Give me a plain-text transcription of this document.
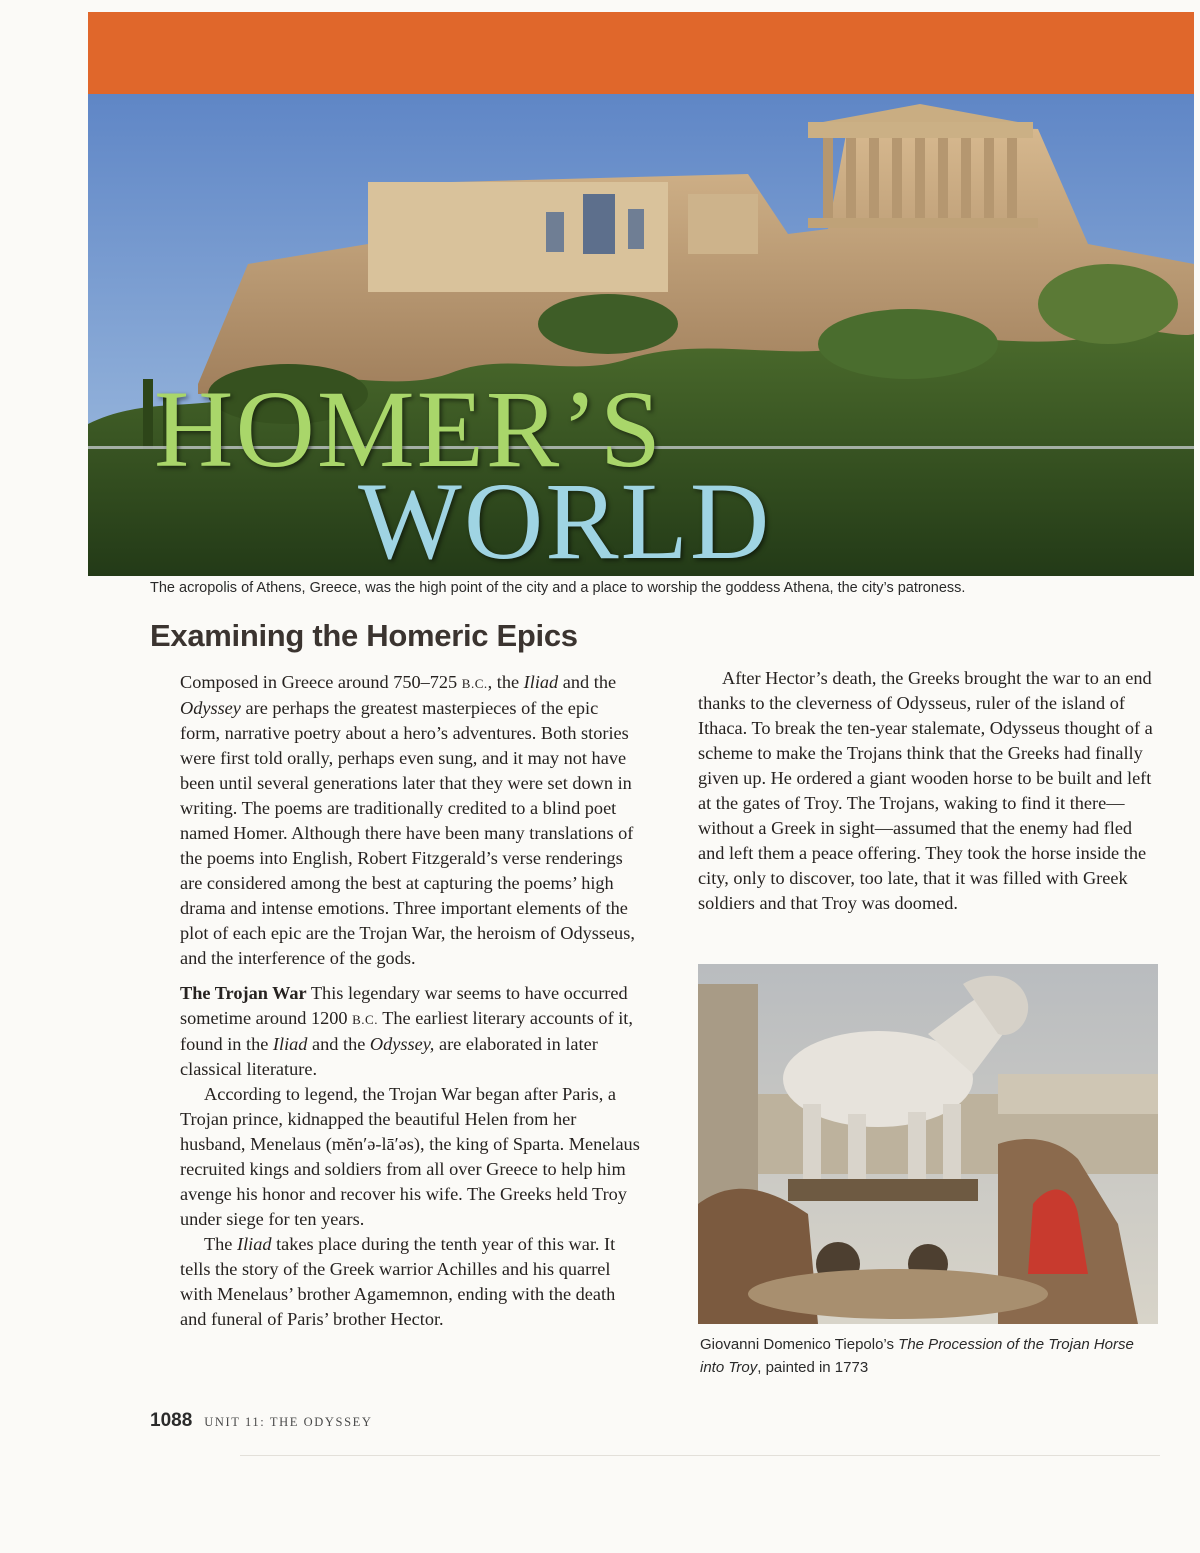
HOMER’S
WORLD
The acropolis of Athens, Greece, was the high point of the city and a place to worship the goddess Athena, the city’s patroness.
Examining the Homeric Epics

Composed in Greece around 750–725 B.C., the Iliad and the Odyssey are perhaps the greatest masterpieces of the epic form, narrative poetry about a hero’s adventures. Both stories were first told orally, perhaps even sung, and it may not have been until several generations later that they were set down in writing. The poems are traditionally credited to a blind poet named Homer. Although there have been many translations of the poems into English, Robert Fitzgerald’s verse renderings are considered among the best at capturing the poems’ high drama and intense emotions. Three important elements of the plot of each epic are the Trojan War, the heroism of Odysseus, and the interference of the gods.

The Trojan War This legendary war seems to have occurred sometime around 1200 B.C. The earliest literary accounts of it, found in the Iliad and the Odyssey, are elaborated in later classical literature.

According to legend, the Trojan War began after Paris, a Trojan prince, kidnapped the beautiful Helen from her husband, Menelaus (mĕn′ə-lā′əs), the king of Sparta. Menelaus recruited kings and soldiers from all over Greece to help him avenge his honor and recover his wife. The Greeks held Troy under siege for ten years.

The Iliad takes place during the tenth year of this war. It tells the story of the Greek warrior Achilles and his quarrel with Menelaus’ brother Agamemnon, ending with the death and funeral of Paris’ brother Hector.

After Hector’s death, the Greeks brought the war to an end thanks to the cleverness of Odysseus, ruler of the island of Ithaca. To break the ten-year stalemate, Odysseus thought of a scheme to make the Trojans think that the Greeks had finally given up. He ordered a giant wooden horse to be built and left at the gates of Troy. The Trojans, waking to find it there—without a Greek in sight—assumed that the enemy had fled and left them a peace offering. They took the horse inside the city, only to discover, too late, that it was filled with Greek soldiers and that Troy was doomed.

Giovanni Domenico Tiepolo’s The Procession of the Trojan Horse into Troy, painted in 1773
1088 UNIT 11: THE ODYSSEY
